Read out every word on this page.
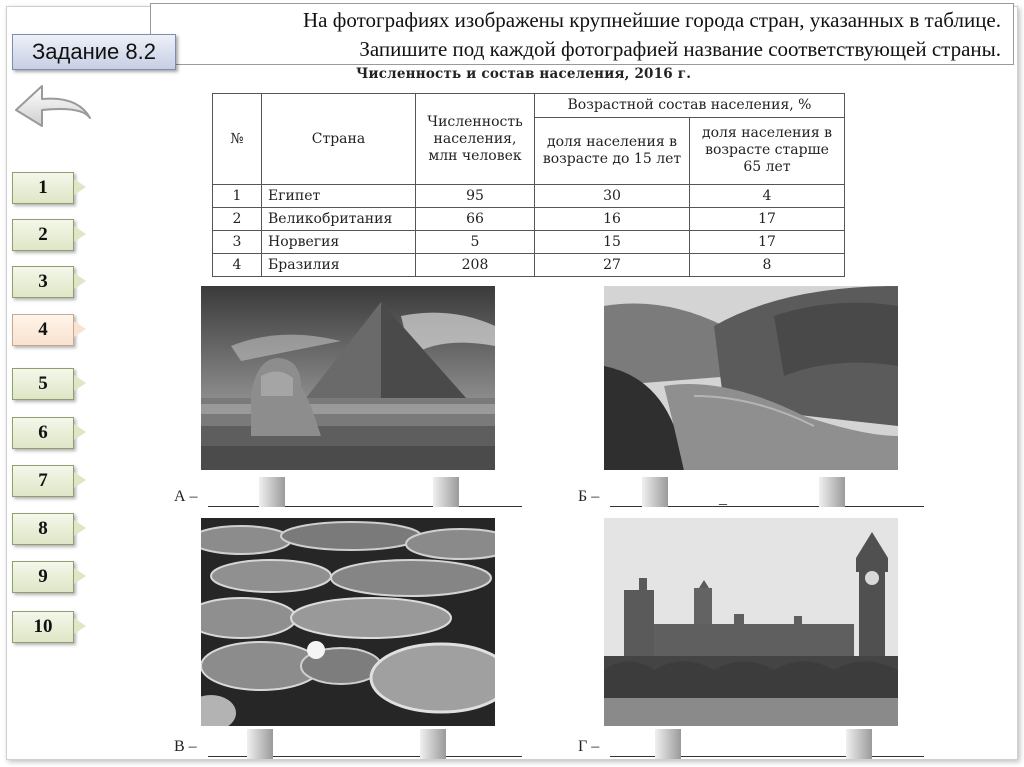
На фотографиях изображены крупнейшие города стран, указанных в таблице.
Запишите под каждой фотографией название соответствующей страны.
Задание 8.2
1
2
3
4
5
6
7
8
9
10
Численность и состав населения, 2016 г.
№	Страна	Численность населения, млн человек	Возрастной состав населения, %	
			доля населения в возрасте до 15 лет	доля населения в возрасте старше 65 лет
1	Египет	95	30	4
2	Великобритания	66	16	17
3	Норвегия	5	15	17
4	Бразилия	208	27	8
А –	Б –	_
В –	Г –
